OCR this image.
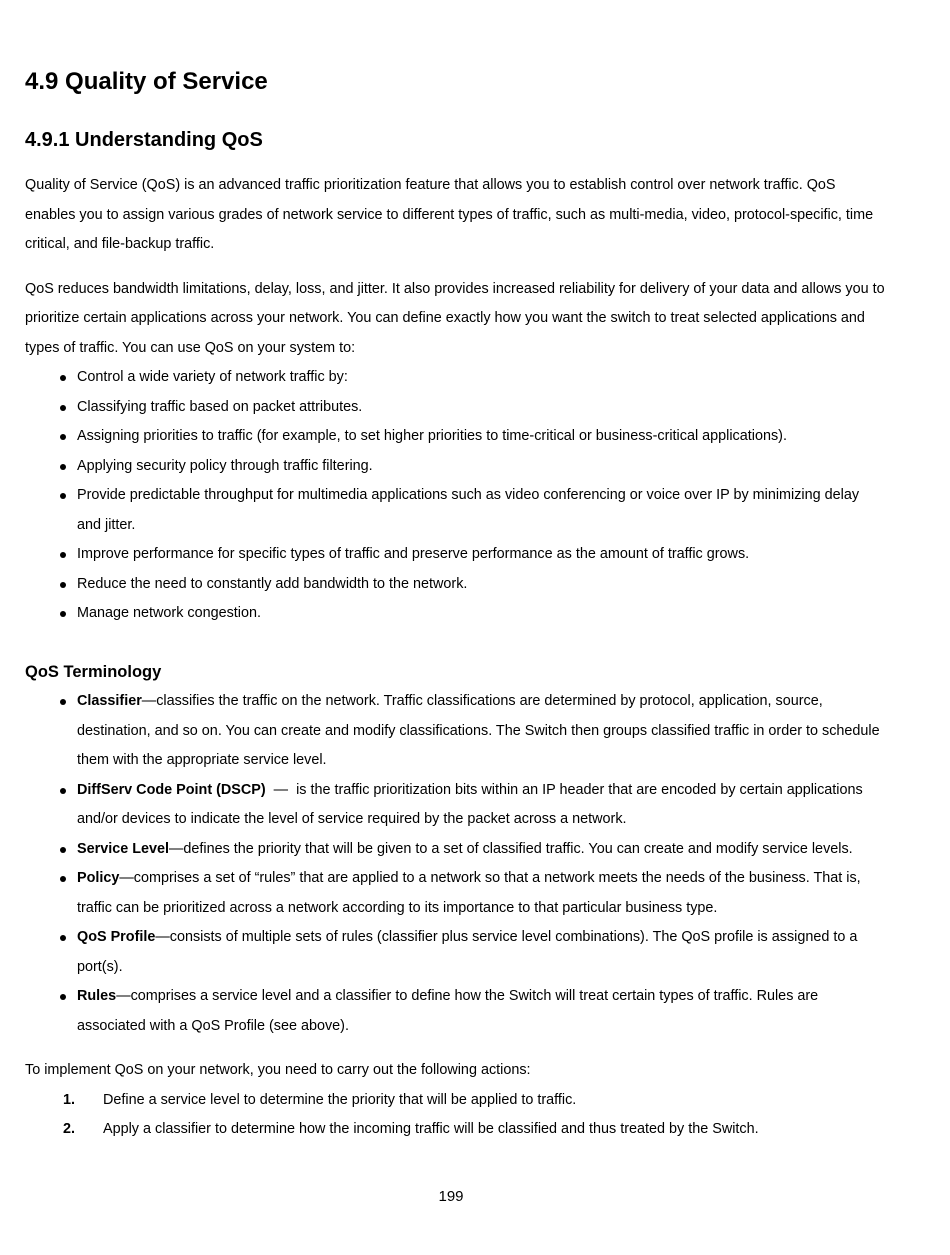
4.9 Quality of Service
4.9.1 Understanding QoS

Quality of Service (QoS) is an advanced traffic prioritization feature that allows you to establish control over network traffic. QoS enables you to assign various grades of network service to different types of traffic, such as multi-media, video, protocol-specific, time critical, and file-backup traffic.

QoS reduces bandwidth limitations, delay, loss, and jitter. It also provides increased reliability for delivery of your data and allows you to prioritize certain applications across your network. You can define exactly how you want the switch to treat selected applications and types of traffic. You can use QoS on your system to:

Control a wide variety of network traffic by:
Classifying traffic based on packet attributes.
Assigning priorities to traffic (for example, to set higher priorities to time-critical or business-critical applications).
Applying security policy through traffic filtering.
Provide predictable throughput for multimedia applications such as video conferencing or voice over IP by minimizing delay and jitter.
Improve performance for specific types of traffic and preserve performance as the amount of traffic grows.
Reduce the need to constantly add bandwidth to the network.
Manage network congestion.
QoS Terminology
Classifier—classifies the traffic on the network. Traffic classifications are determined by protocol, application, source, destination, and so on. You can create and modify classifications. The Switch then groups classified traffic in order to schedule them with the appropriate service level.
DiffServ Code Point (DSCP)  —  is the traffic prioritization bits within an IP header that are encoded by certain applications and/or devices to indicate the level of service required by the packet across a network.
Service Level—defines the priority that will be given to a set of classified traffic. You can create and modify service levels.
Policy—comprises a set of “rules” that are applied to a network so that a network meets the needs of the business. That is, traffic can be prioritized across a network according to its importance to that particular business type.
QoS Profile—consists of multiple sets of rules (classifier plus service level combinations). The QoS profile is assigned to a port(s).
Rules—comprises a service level and a classifier to define how the Switch will treat certain types of traffic. Rules are associated with a QoS Profile (see above).

To implement QoS on your network, you need to carry out the following actions:

1. Define a service level to determine the priority that will be applied to traffic.
2. Apply a classifier to determine how the incoming traffic will be classified and thus treated by the Switch.
199
